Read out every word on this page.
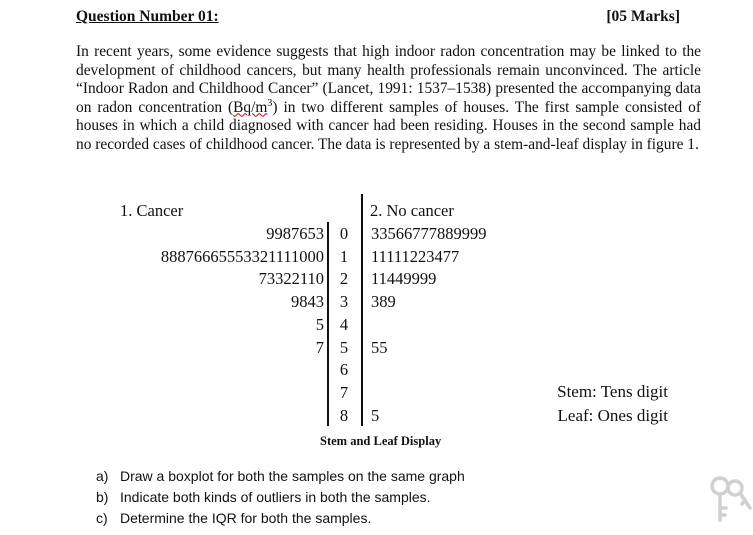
Question Number 01:	[05 Marks]

In recent years, some evidence suggests that high indoor radon concentration may be linked to the development of childhood cancers, but many health professionals remain unconvinced. The article “Indoor Radon and Childhood Cancer” (Lancet, 1991: 1537–1538) presented the accompanying data on radon concentration $(Bq/m^3)$ in two different samples of houses. The first sample consisted of houses in which a child diagnosed with cancer had been residing. Houses in the second sample had no recorded cases of childhood cancer. The data is represented by a stem-and-leaf display in figure 1.

1. Cancer	2. No cancer
9987653 0	33566777889999
88876665553321111000 1	11111223477
73322110 2	11449999
9843 3	389
5 4
7 5	55
6
7
8	5
Stem: Tens digit
Leaf: Ones digit
Stem and Leaf Display
a) Draw a boxplot for both the samples on the same graph
b) Indicate both kinds of outliers in both the samples.
c) Determine the IQR for both the samples.
